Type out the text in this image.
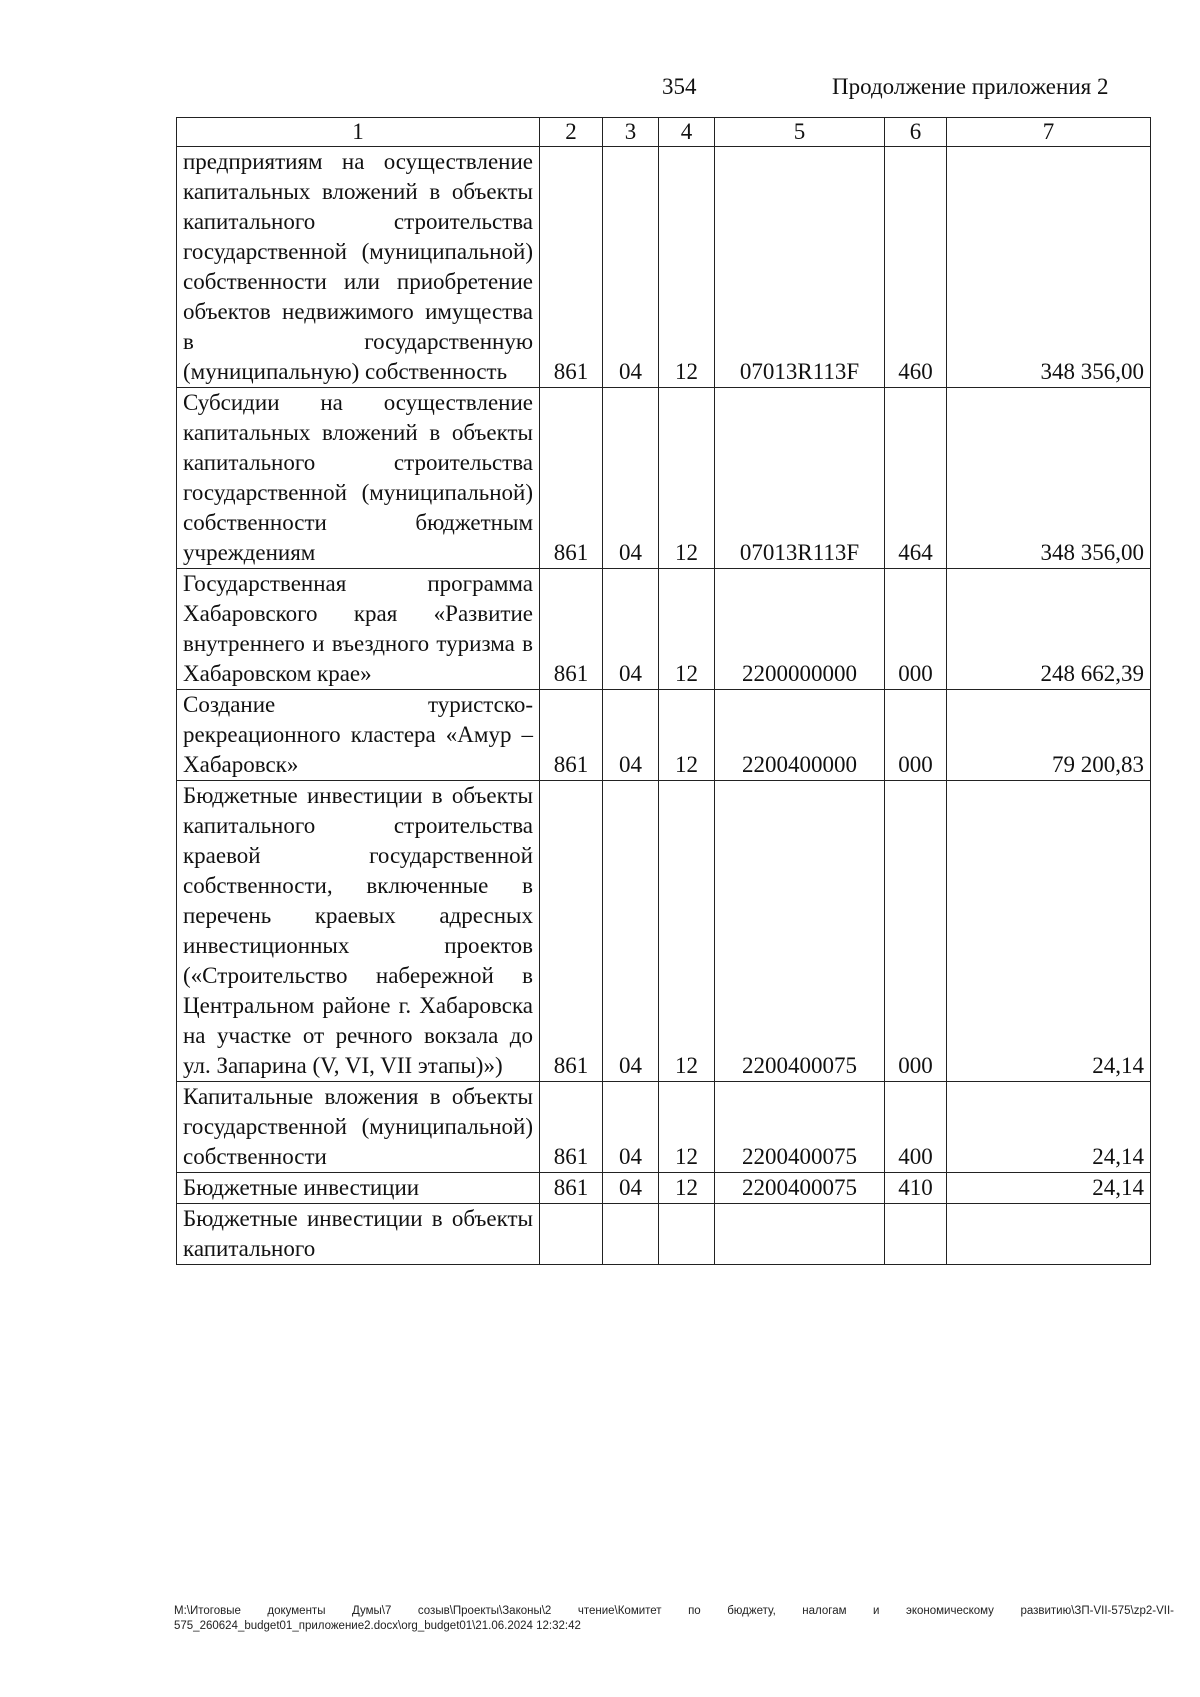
354	Продолжение приложения 2
1	2	3	4	5	6	7
предприятиям на осуществление капитальных вложений в объекты капитального строительства государственной (муниципальной) собственности или приобретение объектов недвижимого имущества в государственную (муниципальную) собственность	861	04	12	07013R113F	460	348 356,00
Субсидии на осуществление капитальных вложений в объекты капитального строительства государственной (муниципальной) собственности бюджетным учреждениям	861	04	12	07013R113F	464	348 356,00
Государственная программа Хабаровского края «Развитие внутреннего и въездного туризма в Хабаровском крае»	861	04	12	2200000000	000	248 662,39
Создание туристско-рекреационного кластера «Амур – Хабаровск»	861	04	12	2200400000	000	79 200,83
Бюджетные инвестиции в объекты капитального строительства краевой государственной собственности, включенные в перечень краевых адресных инвестиционных проектов («Строительство набережной в Центральном районе г. Хабаровска на участке от речного вокзала до ул. Запарина (V, VI, VII этапы)»)	861	04	12	2200400075	000	24,14
Капитальные вложения в объекты государственной (муниципальной) собственности	861	04	12	2200400075	400	24,14
Бюджетные инвестиции	861	04	12	2200400075	410	24,14
Бюджетные инвестиции в объекты капитального						
M:\Итоговые документы Думы\7 созыв\Проекты\Законы\2 чтение\Комитет по бюджету, налогам и экономическому развитию\ЗП-VII-575\zp2-VII-575_260624_budget01_приложение2.docx\org_budget01\21.06.2024 12:32:42
